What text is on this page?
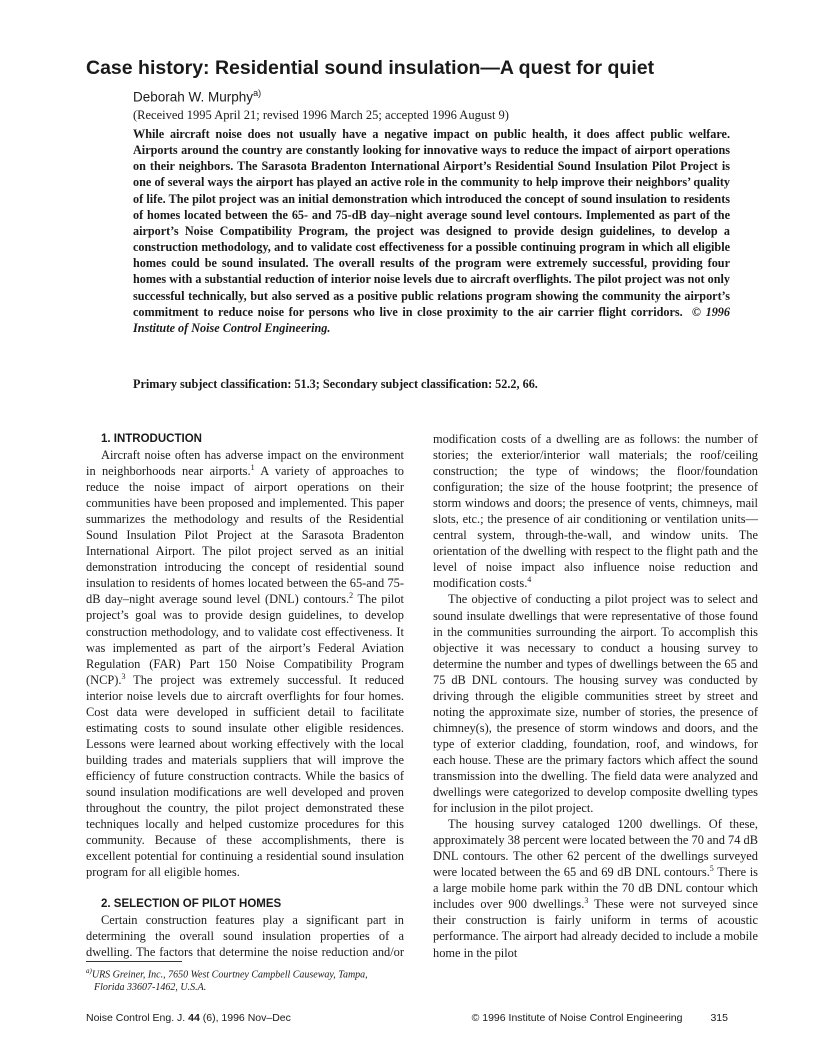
Case history: Residential sound insulation—A quest for quiet
Deborah W. Murphy$^{a)}$
(Received 1995 April 21; revised 1996 March 25; accepted 1996 August 9)
While aircraft noise does not usually have a negative impact on public health, it does affect public welfare. Airports around the country are constantly looking for innovative ways to reduce the impact of airport operations on their neighbors. The Sarasota Bradenton International Airport’s Residential Sound Insulation Pilot Project is one of several ways the airport has played an active role in the community to help improve their neighbors’ quality of life. The pilot project was an initial demonstration which introduced the concept of sound insulation to residents of homes located between the 65- and 75-dB day–night average sound level contours. Implemented as part of the airport’s Noise Compatibility Program, the project was designed to provide design guidelines, to develop a construction methodology, and to validate cost effectiveness for a possible continuing program in which all eligible homes could be sound insulated. The overall results of the program were extremely successful, providing four homes with a substantial reduction of interior noise levels due to aircraft overflights. The pilot project was not only successful technically, but also served as a positive public relations program showing the community the airport’s commitment to reduce noise for persons who live in close proximity to the air carrier flight corridors. © 1996 Institute of Noise Control Engineering.
Primary subject classification: 51.3; Secondary subject classification: 52.2, 66.

1. INTRODUCTION

Aircraft noise often has adverse impact on the environment in neighborhoods near airports.$^1$ A variety of approaches to reduce the noise impact of airport operations on their communities have been proposed and implemented. This paper summarizes the methodology and results of the Residential Sound Insulation Pilot Project at the Sarasota Bradenton International Airport. The pilot project served as an initial demonstration introducing the concept of residential sound insulation to residents of homes located between the 65-and 75-dB day–night average sound level (DNL) contours.$^2$ The pilot project’s goal was to provide design guidelines, to develop construction methodology, and to validate cost effectiveness. It was implemented as part of the airport’s Federal Aviation Regulation (FAR) Part 150 Noise Compatibility Program (NCP).$^3$ The project was extremely successful. It reduced interior noise levels due to aircraft overflights for four homes. Cost data were developed in sufficient detail to facilitate estimating costs to sound insulate other eligible residences. Lessons were learned about working effectively with the local building trades and materials suppliers that will improve the efficiency of future construction contracts. While the basics of sound insulation modifications are well developed and proven throughout the country, the pilot project demonstrated these techniques locally and helped customize procedures for this community. Because of these accomplishments, there is excellent potential for continuing a residential sound insulation program for all eligible homes.

2. SELECTION OF PILOT HOMES

Certain construction features play a significant part in determining the overall sound insulation properties of a dwelling. The factors that determine the noise reduction and/or

modification costs of a dwelling are as follows: the number of stories; the exterior/interior wall materials; the roof/ceiling construction; the type of windows; the floor/foundation configuration; the size of the house footprint; the presence of storm windows and doors; the presence of vents, chimneys, mail slots, etc.; the presence of air conditioning or ventilation units—central system, through-the-wall, and window units. The orientation of the dwelling with respect to the flight path and the level of noise impact also influence noise reduction and modification costs.$^4$

The objective of conducting a pilot project was to select and sound insulate dwellings that were representative of those found in the communities surrounding the airport. To accomplish this objective it was necessary to conduct a housing survey to determine the number and types of dwellings between the 65 and 75 dB DNL contours. The housing survey was conducted by driving through the eligible communities street by street and noting the approximate size, number of stories, the presence of chimney(s), the presence of storm windows and doors, and the type of exterior cladding, foundation, roof, and windows, for each house. These are the primary factors which affect the sound transmission into the dwelling. The field data were analyzed and dwellings were categorized to develop composite dwelling types for inclusion in the pilot project.

The housing survey cataloged 1200 dwellings. Of these, approximately 38 percent were located between the 70 and 74 dB DNL contours. The other 62 percent of the dwellings surveyed were located between the 65 and 69 dB DNL contours.$^5$ There is a large mobile home park within the 70 dB DNL contour which includes over 900 dwellings.$^3$ These were not surveyed since their construction is fairly uniform in terms of acoustic performance. The airport had already decided to include a mobile home in the pilot

$^{a)}$URS Greiner, Inc., 7650 West Courtney Campbell Causeway, Tampa,
Florida 33607-1462, U.S.A.
Noise Control Eng. J. 44 (6), 1996 Nov–Dec	© 1996 Institute of Noise Control Engineering	315
